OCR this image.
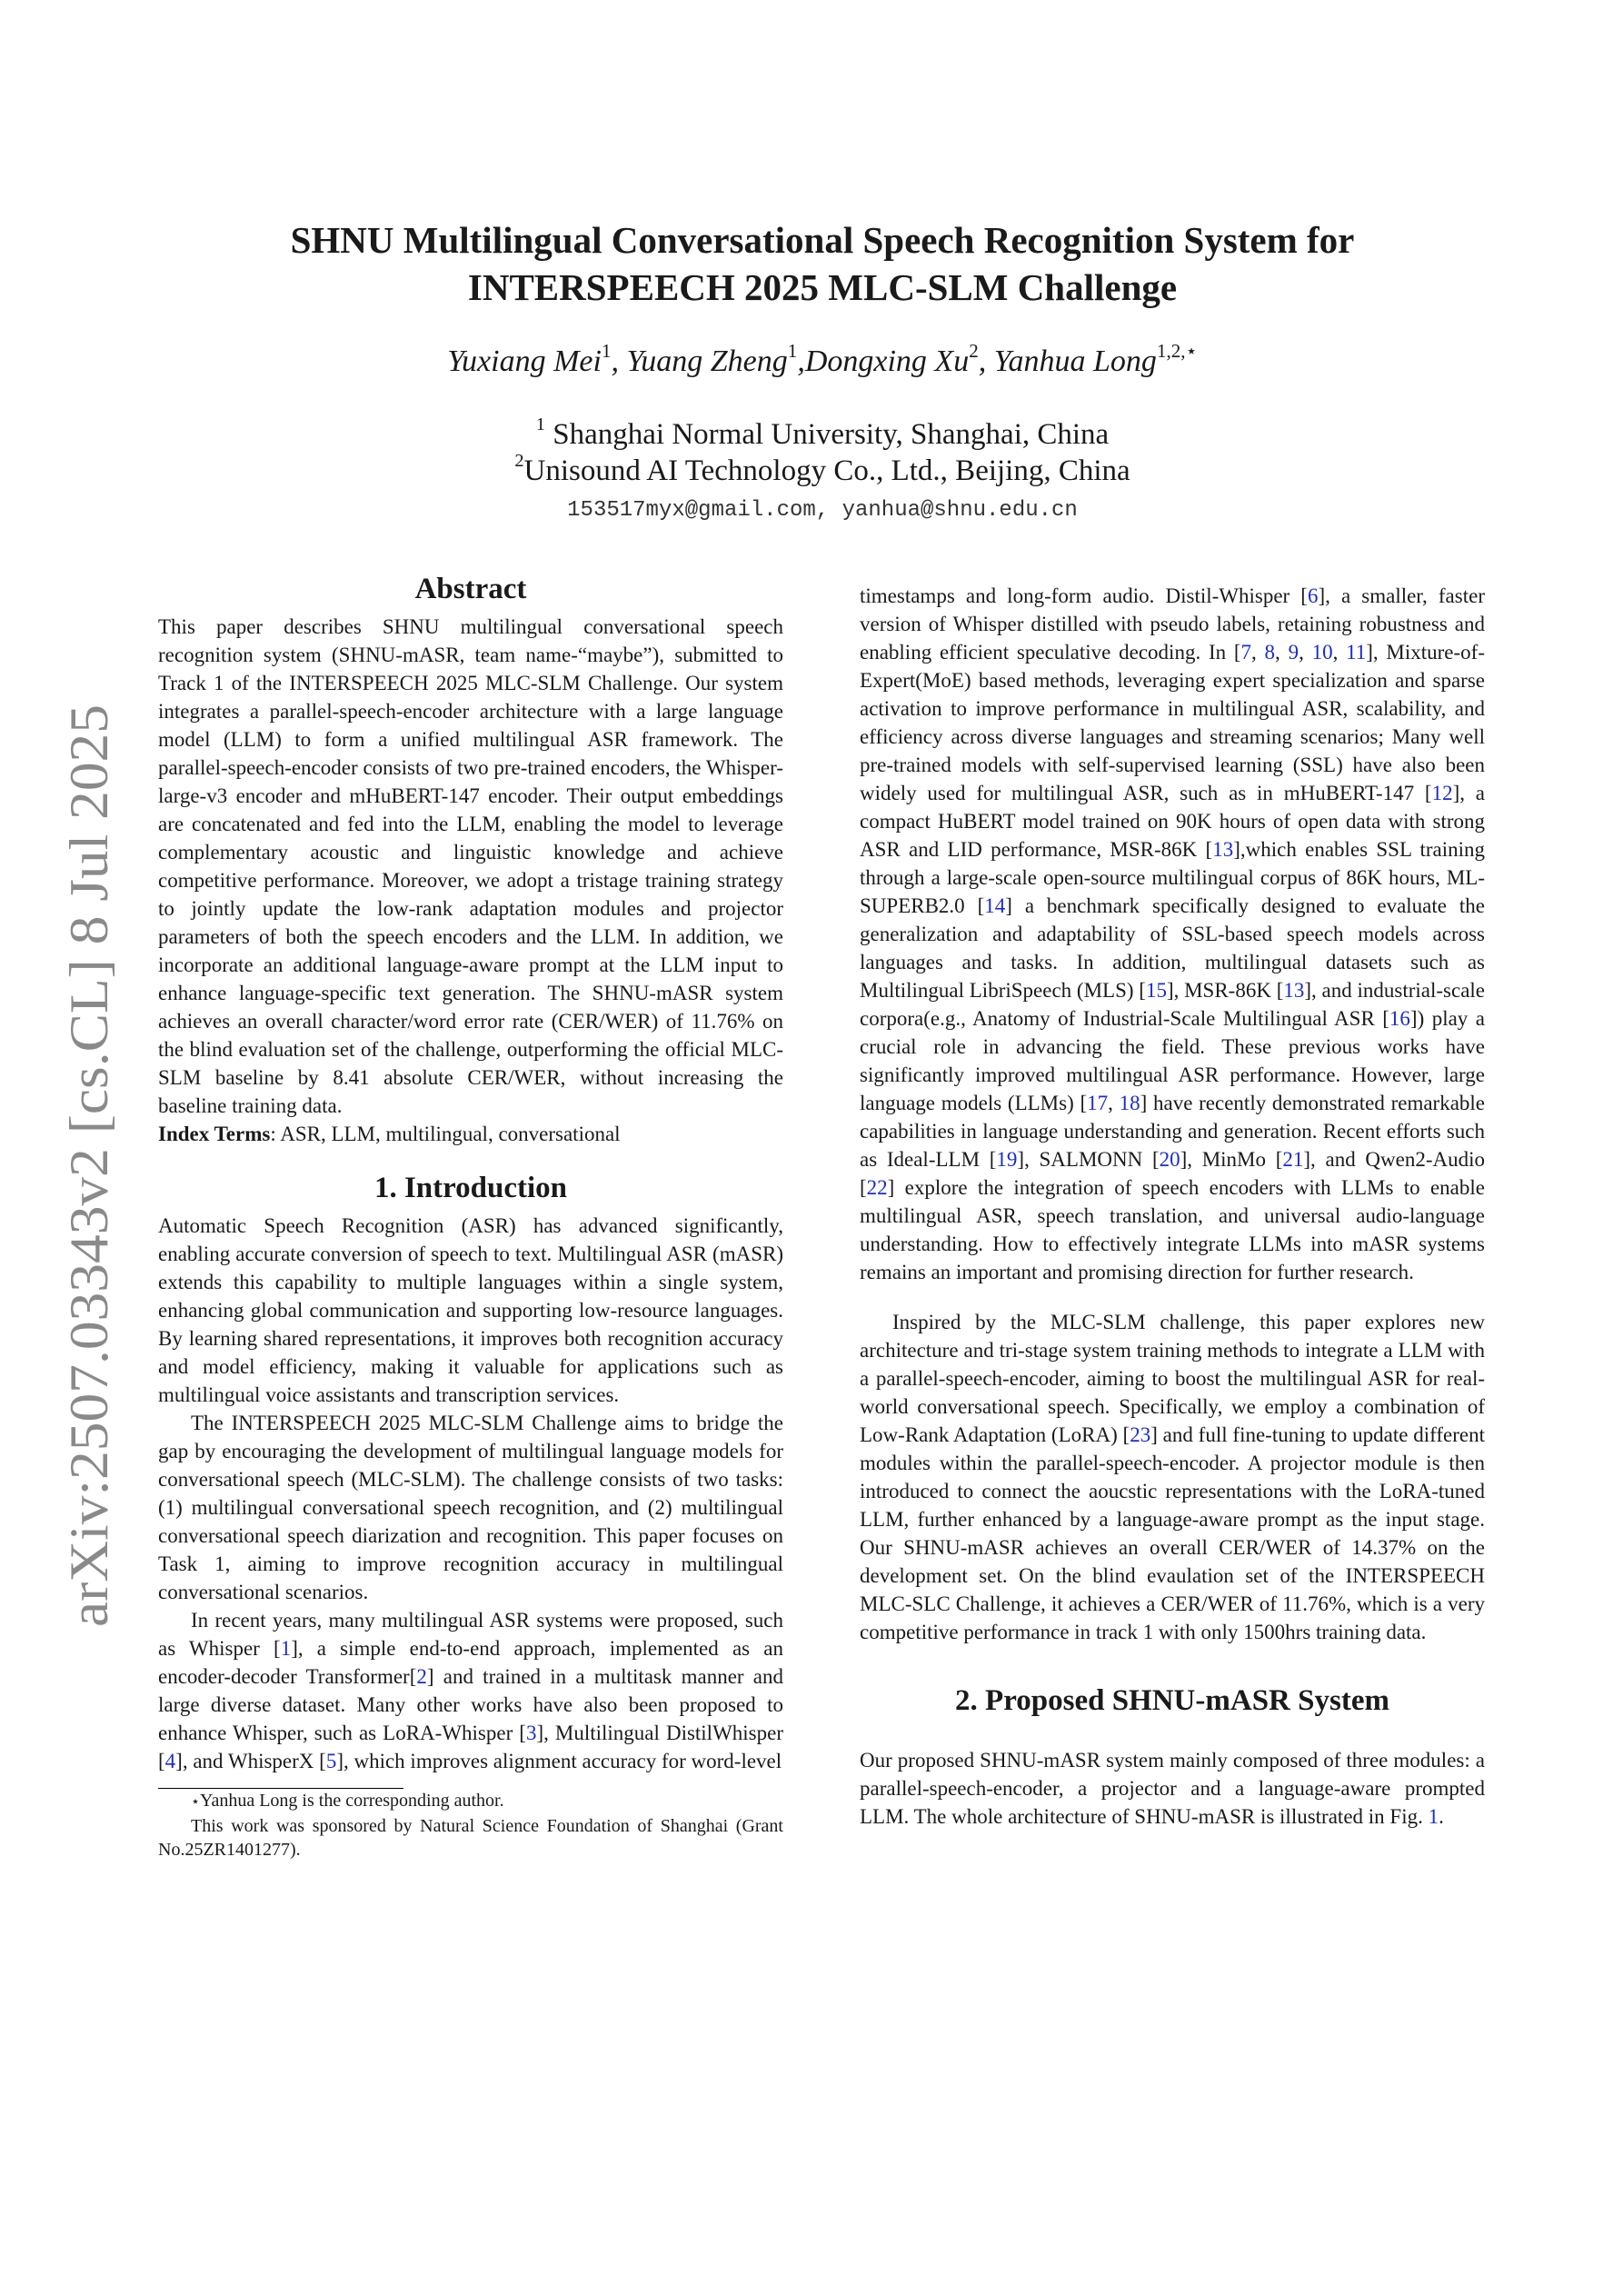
arXiv:2507.03343v2 [cs.CL] 8 Jul 2025
SHNU Multilingual Conversational Speech Recognition System for
INTERSPEECH 2025 MLC-SLM Challenge
Yuxiang Mei$^1$, Yuang Zheng$^1$,Dongxing Xu$^2$, Yanhua Long$^{1,2,⋆}$
$^1$ Shanghai Normal University, Shanghai, China
$^2$Unisound AI Technology Co., Ltd., Beijing, China
153517myx@gmail.com, yanhua@shnu.edu.cn
Abstract

This paper describes SHNU multilingual conversational speech recognition system (SHNU-mASR, team name-“maybe”), submitted to Track 1 of the INTERSPEECH 2025 MLC-SLM Challenge. Our system integrates a parallel-speech-encoder architecture with a large language model (LLM) to form a unified multilingual ASR framework. The parallel-speech-encoder consists of two pre-trained encoders, the Whisper-large-v3 encoder and mHuBERT-147 encoder. Their output embeddings are concatenated and fed into the LLM, enabling the model to leverage complementary acoustic and linguistic knowledge and achieve competitive performance. Moreover, we adopt a tristage training strategy to jointly update the low-rank adaptation modules and projector parameters of both the speech encoders and the LLM. In addition, we incorporate an additional language-aware prompt at the LLM input to enhance language-specific text generation. The SHNU-mASR system achieves an overall character/word error rate (CER/WER) of 11.76% on the blind evaluation set of the challenge, outperforming the official MLC-SLM baseline by 8.41 absolute CER/WER, without increasing the baseline training data.

Index Terms: ASR, LLM, multilingual, conversational

1. Introduction

Automatic Speech Recognition (ASR) has advanced significantly, enabling accurate conversion of speech to text. Multilingual ASR (mASR) extends this capability to multiple languages within a single system, enhancing global communication and supporting low-resource languages. By learning shared representations, it improves both recognition accuracy and model efficiency, making it valuable for applications such as multilingual voice assistants and transcription services.

The INTERSPEECH 2025 MLC-SLM Challenge aims to bridge the gap by encouraging the development of multilingual language models for conversational speech (MLC-SLM). The challenge consists of two tasks: (1) multilingual conversational speech recognition, and (2) multilingual conversational speech diarization and recognition. This paper focuses on Task 1, aiming to improve recognition accuracy in multilingual conversational scenarios.

In recent years, many multilingual ASR systems were proposed, such as Whisper [1], a simple end-to-end approach, implemented as an encoder-decoder Transformer[2] and trained in a multitask manner and large diverse dataset. Many other works have also been proposed to enhance Whisper, such as LoRA-Whisper [3], Multilingual DistilWhisper [4], and WhisperX [5], which improves alignment accuracy for word-level

⋆Yanhua Long is the corresponding author.

This work was sponsored by Natural Science Foundation of Shanghai (Grant No.25ZR1401277).

timestamps and long-form audio. Distil-Whisper [6], a smaller, faster version of Whisper distilled with pseudo labels, retaining robustness and enabling efficient speculative decoding. In [7, 8, 9, 10, 11], Mixture-of-Expert(MoE) based methods, leveraging expert specialization and sparse activation to improve performance in multilingual ASR, scalability, and efficiency across diverse languages and streaming scenarios; Many well pre-trained models with self-supervised learning (SSL) have also been widely used for multilingual ASR, such as in mHuBERT-147 [12], a compact HuBERT model trained on 90K hours of open data with strong ASR and LID performance, MSR-86K [13],which enables SSL training through a large-scale open-source multilingual corpus of 86K hours, ML-SUPERB2.0 [14] a benchmark specifically designed to evaluate the generalization and adaptability of SSL-based speech models across languages and tasks. In addition, multilingual datasets such as Multilingual LibriSpeech (MLS) [15], MSR-86K [13], and industrial-scale corpora(e.g., Anatomy of Industrial-Scale Multilingual ASR [16]) play a crucial role in advancing the field. These previous works have significantly improved multilingual ASR performance. However, large language models (LLMs) [17, 18] have recently demonstrated remarkable capabilities in language understanding and generation. Recent efforts such as Ideal-LLM [19], SALMONN [20], MinMo [21], and Qwen2-Audio [22] explore the integration of speech encoders with LLMs to enable multilingual ASR, speech translation, and universal audio-language understanding. How to effectively integrate LLMs into mASR systems remains an important and promising direction for further research.

Inspired by the MLC-SLM challenge, this paper explores new architecture and tri-stage system training methods to integrate a LLM with a parallel-speech-encoder, aiming to boost the multilingual ASR for real-world conversational speech. Specifically, we employ a combination of Low-Rank Adaptation (LoRA) [23] and full fine-tuning to update different modules within the parallel-speech-encoder. A projector module is then introduced to connect the aoucstic representations with the LoRA-tuned LLM, further enhanced by a language-aware prompt as the input stage. Our SHNU-mASR achieves an overall CER/WER of 14.37% on the development set. On the blind evaulation set of the INTERSPEECH MLC-SLC Challenge, it achieves a CER/WER of 11.76%, which is a very competitive performance in track 1 with only 1500hrs training data.

2. Proposed SHNU-mASR System

Our proposed SHNU-mASR system mainly composed of three modules: a parallel-speech-encoder, a projector and a language-aware prompted LLM. The whole architecture of SHNU-mASR is illustrated in Fig. 1.
